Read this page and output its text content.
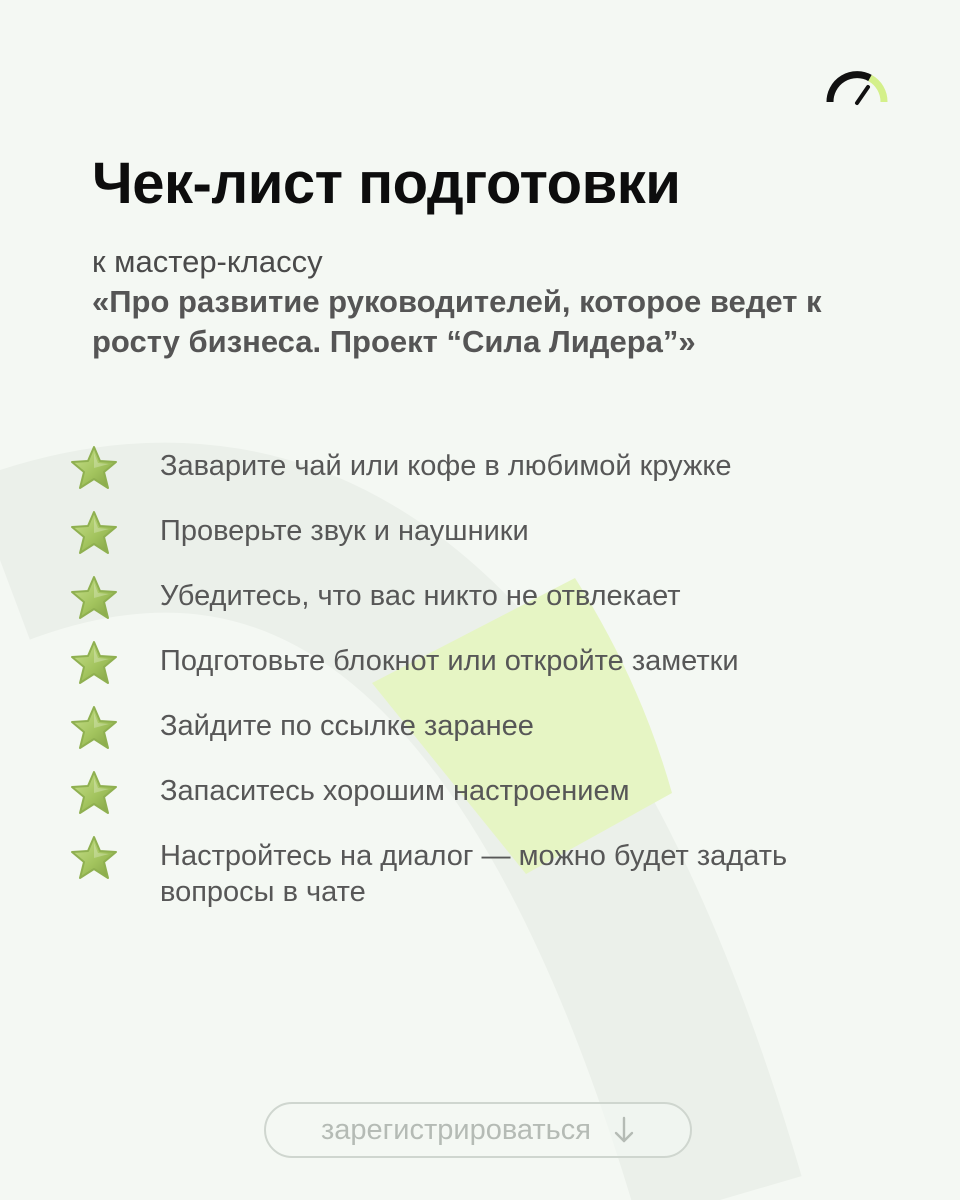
Чек-лист подготовки
к мастер-классу
«Про развитие руководителей, которое ведет к росту бизнеса. Проект “Сила Лидера”»
Заварите чай или кофе в любимой кружке
Проверьте звук и наушники
Убедитесь, что вас никто не отвлекает
Подготовьте блокнот или откройте заметки
Зайдите по ссылке заранее
Запаситесь хорошим настроением
Настройтесь на диалог — можно будет задать вопросы в чате
зарегистрироваться
